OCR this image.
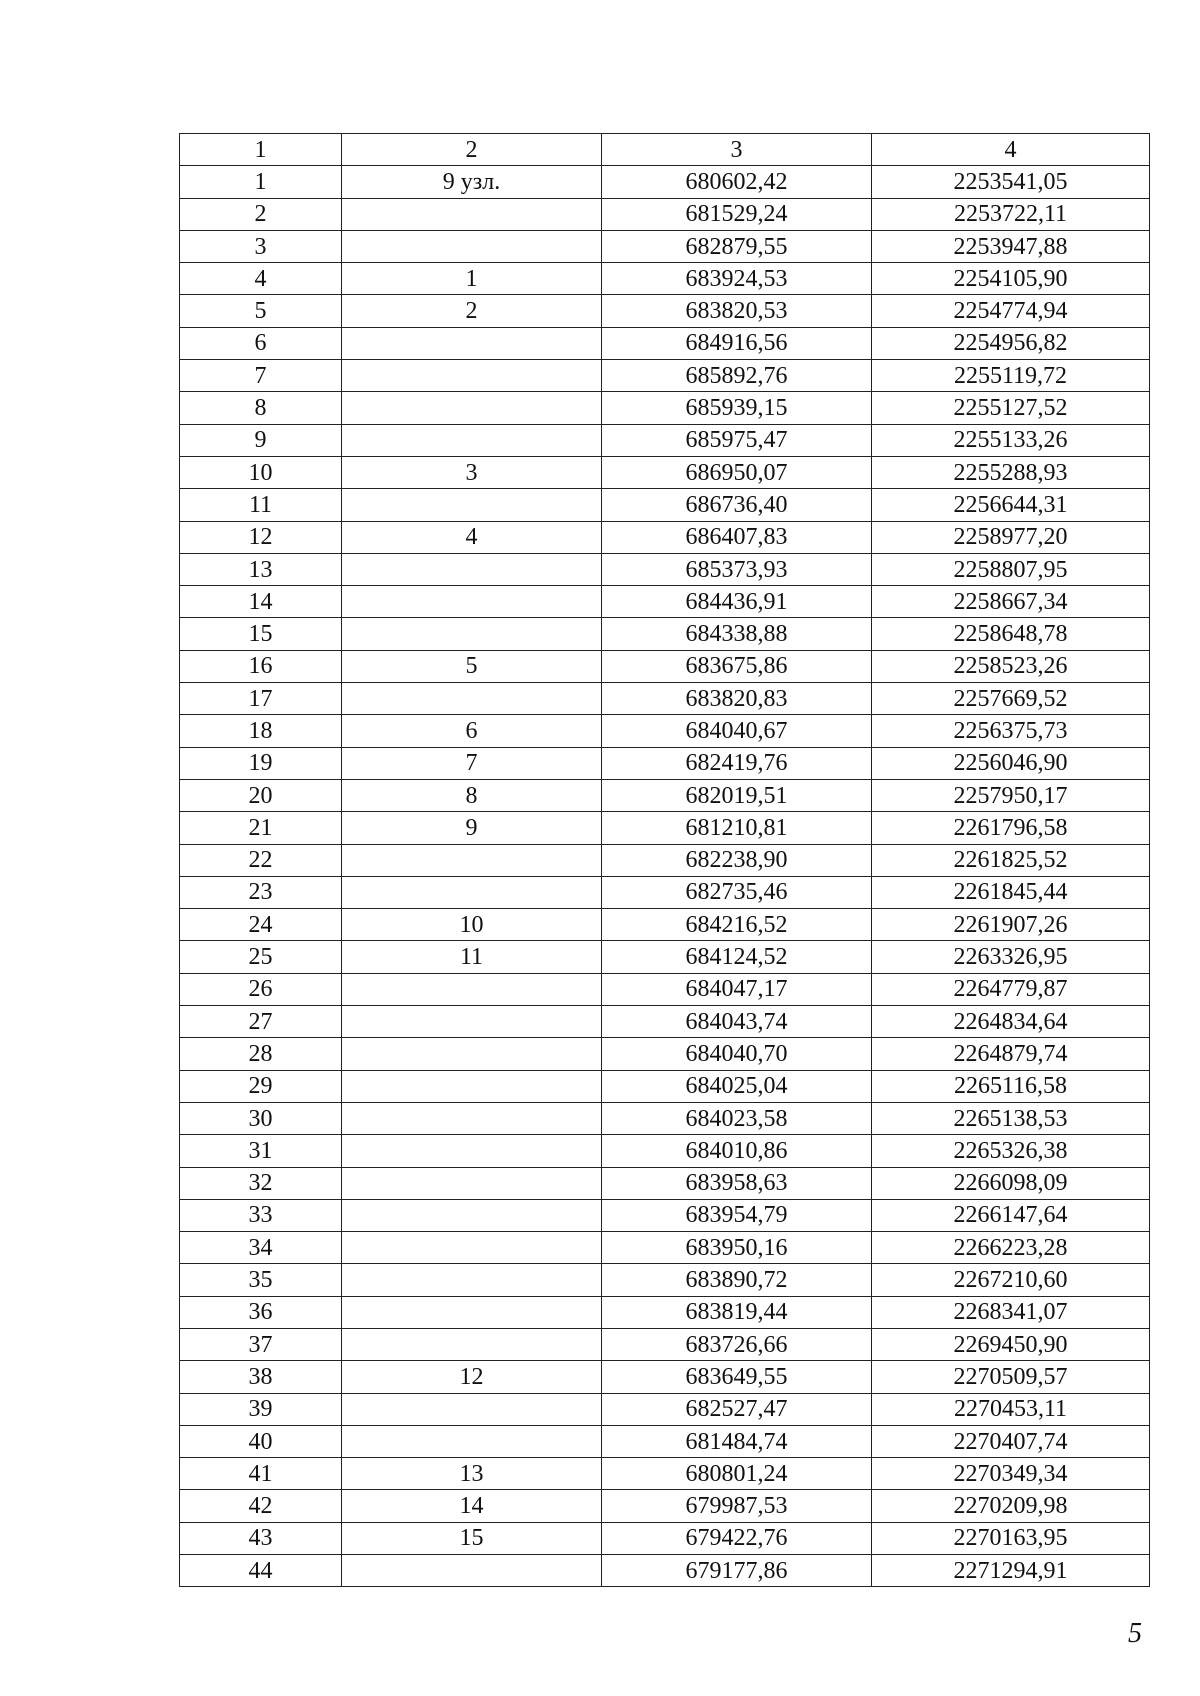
1	2	3	4
1	9 узл.	680602,42	2253541,05
2		681529,24	2253722,11
3		682879,55	2253947,88
4	1	683924,53	2254105,90
5	2	683820,53	2254774,94
6		684916,56	2254956,82
7		685892,76	2255119,72
8		685939,15	2255127,52
9		685975,47	2255133,26
10	3	686950,07	2255288,93
11		686736,40	2256644,31
12	4	686407,83	2258977,20
13		685373,93	2258807,95
14		684436,91	2258667,34
15		684338,88	2258648,78
16	5	683675,86	2258523,26
17		683820,83	2257669,52
18	6	684040,67	2256375,73
19	7	682419,76	2256046,90
20	8	682019,51	2257950,17
21	9	681210,81	2261796,58
22		682238,90	2261825,52
23		682735,46	2261845,44
24	10	684216,52	2261907,26
25	11	684124,52	2263326,95
26		684047,17	2264779,87
27		684043,74	2264834,64
28		684040,70	2264879,74
29		684025,04	2265116,58
30		684023,58	2265138,53
31		684010,86	2265326,38
32		683958,63	2266098,09
33		683954,79	2266147,64
34		683950,16	2266223,28
35		683890,72	2267210,60
36		683819,44	2268341,07
37		683726,66	2269450,90
38	12	683649,55	2270509,57
39		682527,47	2270453,11
40		681484,74	2270407,74
41	13	680801,24	2270349,34
42	14	679987,53	2270209,98
43	15	679422,76	2270163,95
44		679177,86	2271294,91
5
